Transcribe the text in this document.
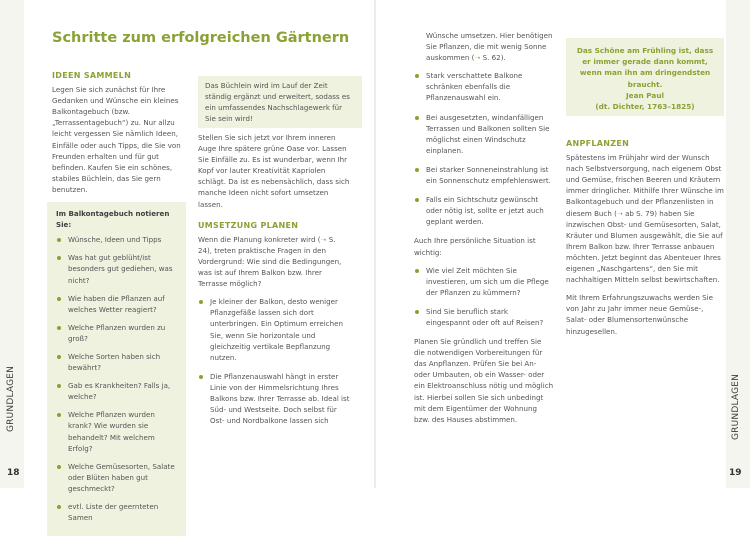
GRUNDLAGEN
18
GRUNDLAGEN
19
Schritte zum erfolgreichen Gärtnern
IDEEN SAMMELN

Legen Sie sich zunächst für Ihre Gedanken und Wünsche ein kleines Balkontagebuch (bzw. „Terrassentagebuch“) zu. Nur allzu leicht vergessen Sie nämlich Ideen, Einfälle oder auch Tipps, die Sie von Freunden erhalten und für gut befinden. Kaufen Sie ein schönes, stabiles Büchlein, das Sie gern benutzen.

Im Balkontagebuch notieren Sie:
Wünsche, Ideen und Tipps
Was hat gut geblüht/ist besonders gut gediehen, was nicht?
Wie haben die Pflanzen auf welches Wetter reagiert?
Welche Pflanzen wurden zu groß?
Welche Sorten haben sich bewährt?
Gab es Krankheiten? Falls ja, welche?
Welche Pflanzen wurden krank? Wie wurden sie behandelt? Mit welchem Erfolg?
Welche Gemüsesorten, Salate oder Blüten haben gut geschmeckt?
evtl. Liste der geernteten Samen
Das Büchlein wird im Lauf der Zeit ständig ergänzt und erweitert, sodass es ein umfassendes Nachschlagewerk für Sie sein wird!

Stellen Sie sich jetzt vor Ihrem inneren Auge Ihre spätere grüne Oase vor. Lassen Sie Einfälle zu. Es ist wunderbar, wenn Ihr Kopf vor lauter Kreativität Kapriolen schlägt. Da ist es nebensächlich, dass sich manche Ideen nicht sofort umsetzen lassen.

UMSETZUNG PLANEN

Wenn die Planung konkreter wird (➝ S. 24), treten praktische Fragen in den Vordergrund: Wie sind die Bedingungen, was ist auf Ihrem Balkon bzw. Ihrer Terrasse möglich?

Je kleiner der Balkon, desto weniger Pflanzgefäße lassen sich dort unterbringen. Ein Optimum erreichen Sie, wenn Sie horizontale und gleichzeitig vertikale Bepflanzung nutzen.
Die Pflanzenauswahl hängt in erster Linie von der Himmelsrichtung Ihres Balkons bzw. Ihrer Terrasse ab. Ideal ist Süd- und Westseite. Doch selbst für Ost- und Nordbalkone lassen sich

Wünsche umsetzen. Hier benötigen Sie Pflanzen, die mit wenig Sonne auskommen (➝ S. 62).

Stark verschattete Balkone schränken ebenfalls die Pflanzenauswahl ein.
Bei ausgesetzten, windanfälligen Terrassen und Balkonen sollten Sie möglichst einen Windschutz einplanen.
Bei starker Sonneneinstrahlung ist ein Sonnenschutz empfehlenswert.
Falls ein Sichtschutz gewünscht oder nötig ist, sollte er jetzt auch geplant werden.

Auch Ihre persönliche Situation ist wichtig:

Wie viel Zeit möchten Sie investieren, um sich um die Pflege der Pflanzen zu kümmern?
Sind Sie beruflich stark eingespannt oder oft auf Reisen?

Planen Sie gründlich und treffen Sie die notwendigen Vorbereitungen für das Anpflanzen. Prüfen Sie bei An- oder Umbauten, ob ein Wasser- oder ein Elektroanschluss nötig und möglich ist. Hierbei sollen Sie sich unbedingt mit dem Eigentümer der Wohnung bzw. des Hauses abstimmen.

Das Schöne am Frühling ist, dass er immer gerade dann kommt, wenn man ihn am dringendsten braucht.
Jean Paul
(dt. Dichter, 1763–1825)
ANPFLANZEN

Spätestens im Frühjahr wird der Wunsch nach Selbstversorgung, nach eigenem Obst und Gemüse, frischen Beeren und Kräutern immer dringlicher. Mithilfe Ihrer Wünsche im Balkontagebuch und der Pflanzenlisten in diesem Buch (➝ ab S. 79) haben Sie inzwischen Obst- und Gemüsesorten, Salat, Kräuter und Blumen ausgewählt, die Sie auf Ihrem Balkon bzw. Ihrer Terrasse anbauen möchten. Jetzt beginnt das Abenteuer Ihres eigenen „Naschgartens“, den Sie mit nachhaltigen Mitteln selbst bewirtschaften.

Mit Ihrem Erfahrungszuwachs werden Sie von Jahr zu Jahr immer neue Gemüse-, Salat- oder Blumensortenwünsche hinzugesellen.
